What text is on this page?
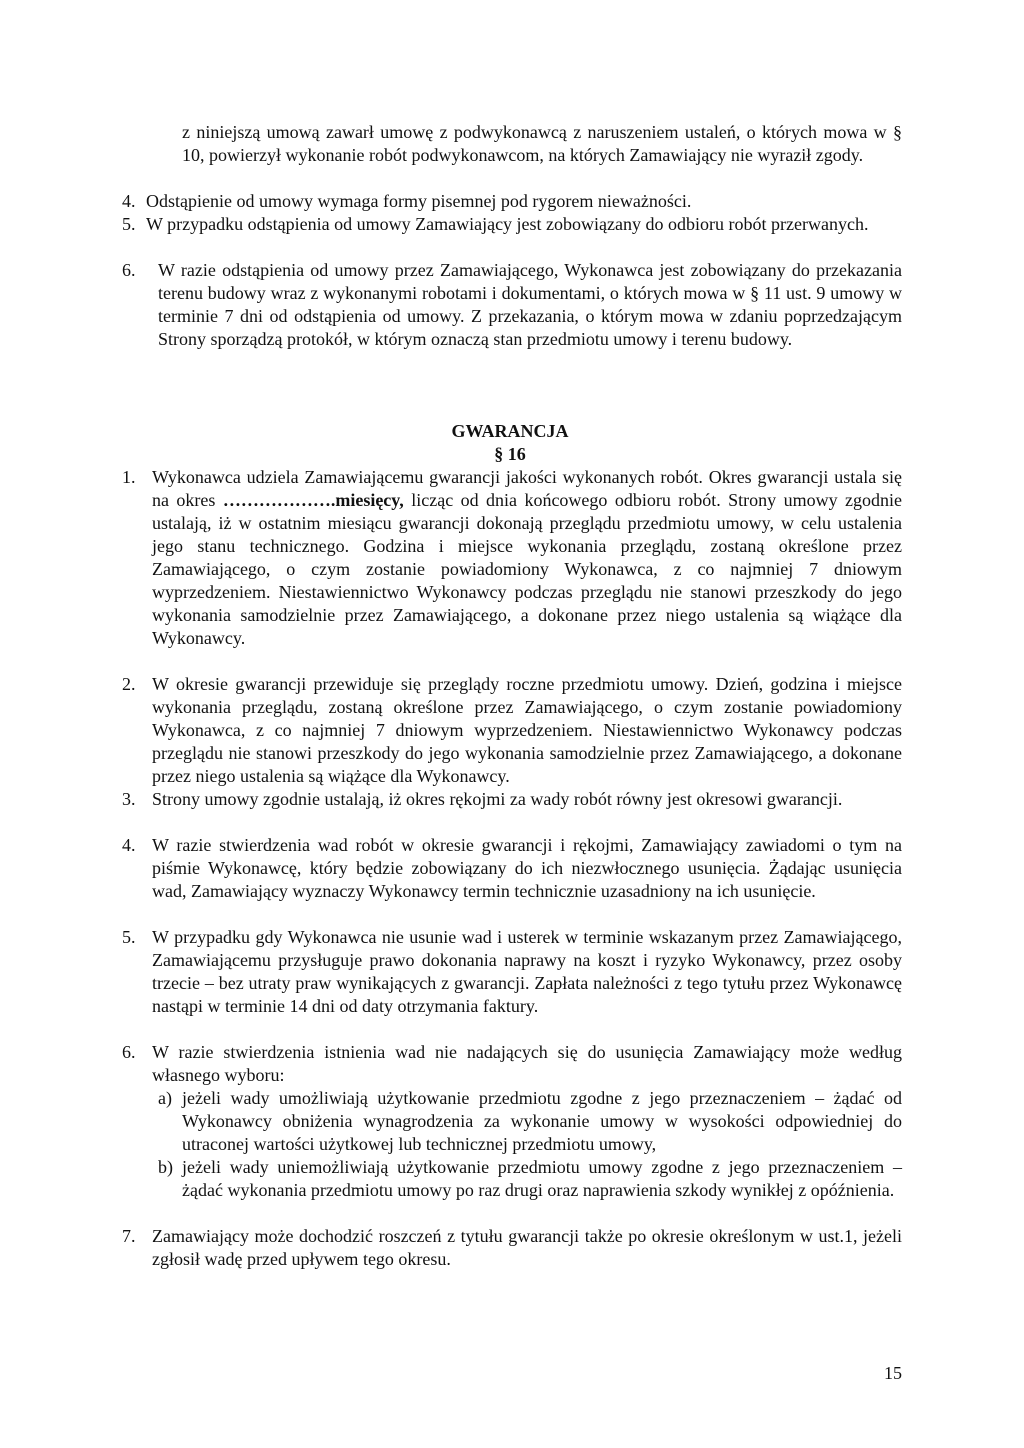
z niniejszą umową zawarł umowę z podwykonawcą z naruszeniem ustaleń, o których mowa w § 10, powierzył wykonanie robót podwykonawcom, na których Zamawiający nie wyraził zgody.
4. Odstąpienie od umowy wymaga formy pisemnej pod rygorem nieważności.
5. W przypadku odstąpienia od umowy Zamawiający jest zobowiązany do odbioru robót przerwanych.
6.	W razie odstąpienia od umowy przez Zamawiającego, Wykonawca jest zobowiązany do przekazania terenu budowy wraz z wykonanymi robotami i dokumentami, o których mowa w § 11 ust. 9 umowy w terminie 7 dni od odstąpienia od umowy. Z przekazania, o którym mowa w zdaniu poprzedzającym Strony sporządzą protokół, w którym oznaczą stan przedmiotu umowy i terenu budowy.
GWARANCJA
§ 16
1. Wykonawca udziela Zamawiającemu gwarancji jakości wykonanych robót. Okres gwarancji ustala się na okres ……………….miesięcy, licząc od dnia końcowego odbioru robót. Strony umowy zgodnie ustalają, iż w ostatnim miesiącu gwarancji dokonają przeglądu przedmiotu umowy, w celu ustalenia jego stanu technicznego. Godzina i miejsce wykonania przeglądu, zostaną określone przez Zamawiającego, o czym zostanie powiadomiony Wykonawca, z co najmniej 7 dniowym wyprzedzeniem. Niestawiennictwo Wykonawcy podczas przeglądu nie stanowi przeszkody do jego wykonania samodzielnie przez Zamawiającego, a dokonane przez niego ustalenia są wiążące dla Wykonawcy.
2. W okresie gwarancji przewiduje się przeglądy roczne przedmiotu umowy. Dzień, godzina i miejsce wykonania przeglądu, zostaną określone przez Zamawiającego, o czym zostanie powiadomiony Wykonawca, z co najmniej 7 dniowym wyprzedzeniem. Niestawiennictwo Wykonawcy podczas przeglądu nie stanowi przeszkody do jego wykonania samodzielnie przez Zamawiającego, a dokonane przez niego ustalenia są wiążące dla Wykonawcy.
3. Strony umowy zgodnie ustalają, iż okres rękojmi za wady robót równy jest okresowi gwarancji.
4. W razie stwierdzenia wad robót w okresie gwarancji i rękojmi, Zamawiający zawiadomi o tym na piśmie Wykonawcę, który będzie zobowiązany do ich niezwłocznego usunięcia. Żądając usunięcia wad, Zamawiający wyznaczy Wykonawcy termin technicznie uzasadniony na ich usunięcie.
5. W przypadku gdy Wykonawca nie usunie wad i usterek w terminie wskazanym przez Zamawiającego, Zamawiającemu przysługuje prawo dokonania naprawy na koszt i ryzyko Wykonawcy, przez osoby trzecie – bez utraty praw wynikających z gwarancji. Zapłata należności z tego tytułu przez Wykonawcę nastąpi w terminie 14 dni od daty otrzymania faktury.
6. W razie stwierdzenia istnienia wad nie nadających się do usunięcia Zamawiający może według własnego wyboru:
a) jeżeli wady umożliwiają użytkowanie przedmiotu zgodne z jego przeznaczeniem – żądać od Wykonawcy obniżenia wynagrodzenia za wykonanie umowy w wysokości odpowiedniej do utraconej wartości użytkowej lub technicznej przedmiotu umowy,
b) jeżeli wady uniemożliwiają użytkowanie przedmiotu umowy zgodne z jego przeznaczeniem – żądać wykonania przedmiotu umowy po raz drugi oraz naprawienia szkody wynikłej z opóźnienia.
7. Zamawiający może dochodzić roszczeń z tytułu gwarancji także po okresie określonym w ust.1, jeżeli zgłosił wadę przed upływem tego okresu.
15
